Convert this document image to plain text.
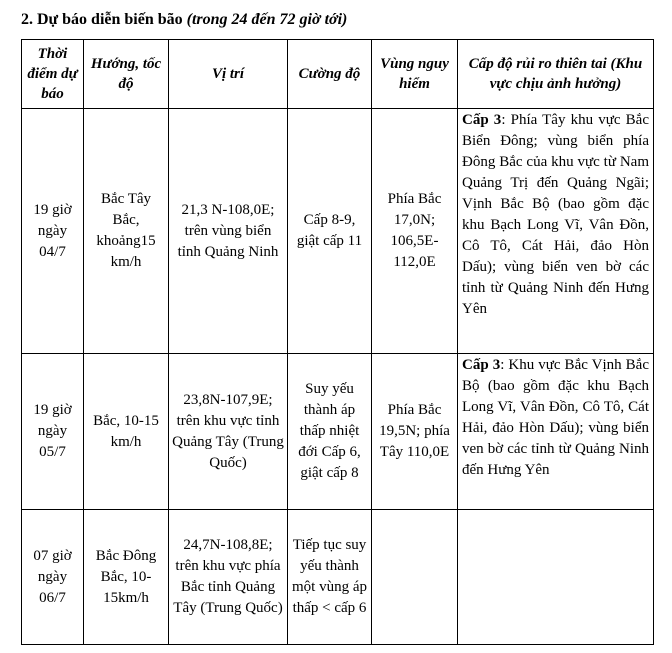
2. Dự báo diễn biến bão (trong 24 đến 72 giờ tới)
Thời điểm dự báo	Hướng, tốc độ	Vị trí	Cường độ	Vùng nguy hiểm	Cấp độ rủi ro thiên tai (Khu vực chịu ảnh hưởng)
19 giờ ngày 04/7	Bắc Tây Bắc, khoảng15 km/h	21,3 N-108,0E; trên vùng biển tỉnh Quảng Ninh	Cấp 8-9, giật cấp 11	Phía Bắc 17,0N; 106,5E-112,0E	Cấp 3: Phía Tây khu vực Bắc Biển Đông; vùng biển phía Đông Bắc của khu vực từ Nam Quảng Trị đến Quảng Ngãi; Vịnh Bắc Bộ (bao gồm đặc khu Bạch Long Vĩ, Vân Đồn, Cô Tô, Cát Hải, đảo Hòn Dấu); vùng biển ven bờ các tỉnh từ Quảng Ninh đến Hưng Yên
19 giờ ngày 05/7	Bắc, 10-15 km/h	23,8N-107,9E; trên khu vực tỉnh Quảng Tây (Trung Quốc)	Suy yếu thành áp thấp nhiệt đới Cấp 6, giật cấp 8	Phía Bắc 19,5N; phía Tây 110,0E	Cấp 3: Khu vực Bắc Vịnh Bắc Bộ (bao gồm đặc khu Bạch Long Vĩ, Vân Đồn, Cô Tô, Cát Hải, đảo Hòn Dấu); vùng biển ven bờ các tỉnh từ Quảng Ninh đến Hưng Yên
07 giờ ngày 06/7	Bắc Đông Bắc, 10-15km/h	24,7N-108,8E; trên khu vực phía Bắc tỉnh Quảng Tây (Trung Quốc)	Tiếp tục suy yếu thành một vùng áp thấp < cấp 6		
